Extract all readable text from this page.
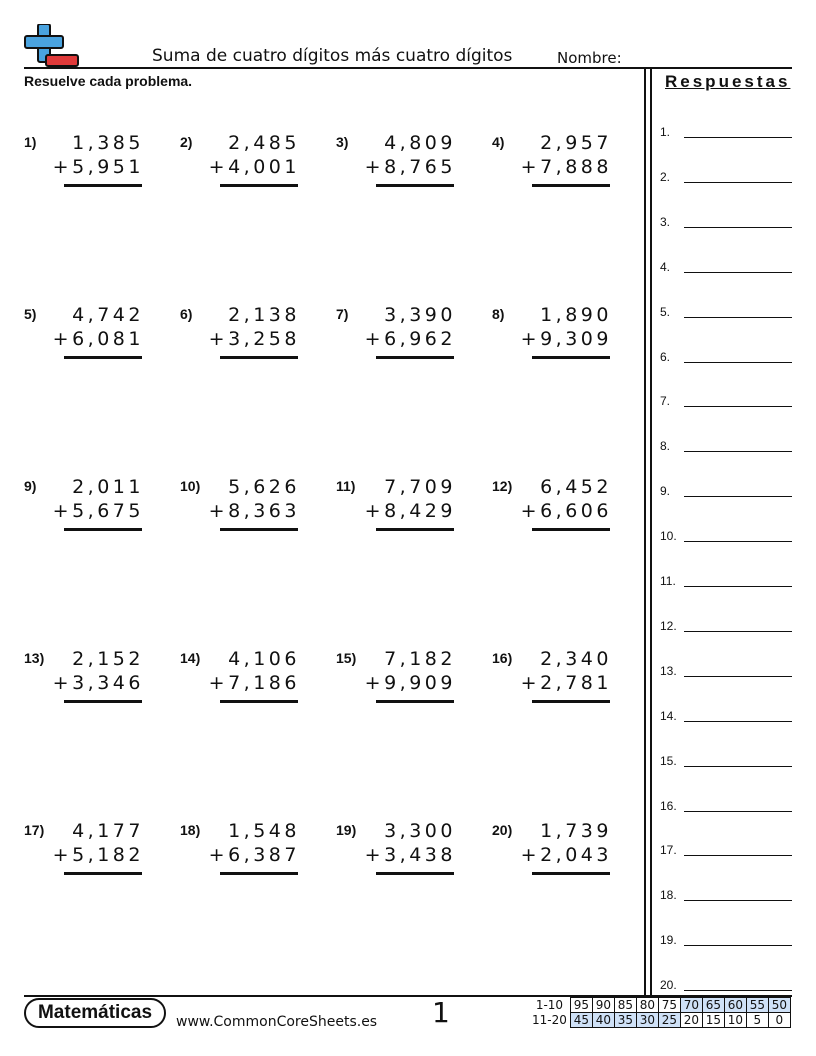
Suma de cuatro dígitos más cuatro dígitos	Nombre:
Resuelve cada problema.
1) 1,385
+5,951
2) 2,485
+4,001
3) 4,809
+8,765
4) 2,957
+7,888
5) 4,742
+6,081
6) 2,138
+3,258
7) 3,390
+6,962
8) 1,890
+9,309
9) 2,011
+5,675
10) 5,626
+8,363
11) 7,709
+8,429
12) 6,452
+6,606
13) 2,152
+3,346
14) 4,106
+7,186
15) 7,182
+9,909
16) 2,340
+2,781
17) 4,177
+5,182
18) 1,548
+6,387
19) 3,300
+3,438
20) 1,739
+2,043
Respuestas
1.
2.
3.
4.
5.
6.
7.
8.
9.
10.
11.
12.
13.
14.
15.
16.
17.
18.
19.
20.
Matemáticas	www.CommonCoreSheets.es 1	1-10	95	90	85	80	75	70	65	60	55	50
11-20	45	40	35	30	25	20	15	10	5	0
